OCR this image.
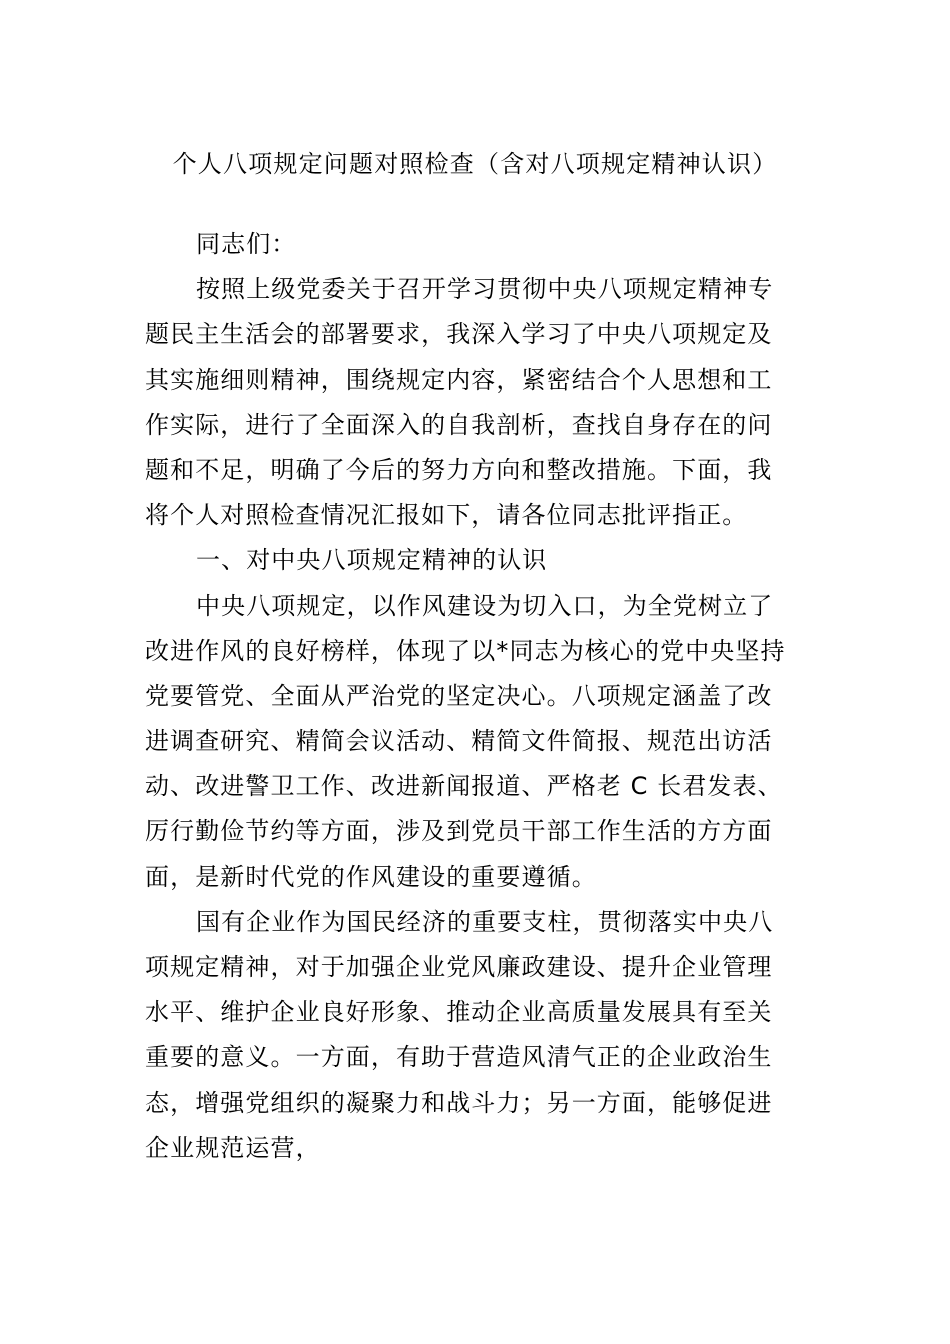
个人八项规定问题对照检查（含对八项规定精神认识）
同志们：
按照上级党委关于召开学习贯彻中央八项规定精神专
题民主生活会的部署要求，我深入学习了中央八项规定及
其实施细则精神，围绕规定内容，紧密结合个人思想和工
作实际，进行了全面深入的自我剖析，查找自身存在的问
题和不足，明确了今后的努力方向和整改措施。下面，我
将个人对照检查情况汇报如下，请各位同志批评指正。
一、对中央八项规定精神的认识
中央八项规定，以作风建设为切入口，为全党树立了
改进作风的良好榜样，体现了以*同志为核心的党中央坚持
党要管党、全面从严治党的坚定决心。八项规定涵盖了改
进调查研究、精简会议活动、精简文件简报、规范出访活
动、改进警卫工作、改进新闻报道、严格老 C 长君发表、
厉行勤俭节约等方面，涉及到党员干部工作生活的方方面
面，是新时代党的作风建设的重要遵循。
国有企业作为国民经济的重要支柱，贯彻落实中央八
项规定精神，对于加强企业党风廉政建设、提升企业管理
水平、维护企业良好形象、推动企业高质量发展具有至关
重要的意义。一方面，有助于营造风清气正的企业政治生
态，增强党组织的凝聚力和战斗力；另一方面，能够促进
企业规范运营，
